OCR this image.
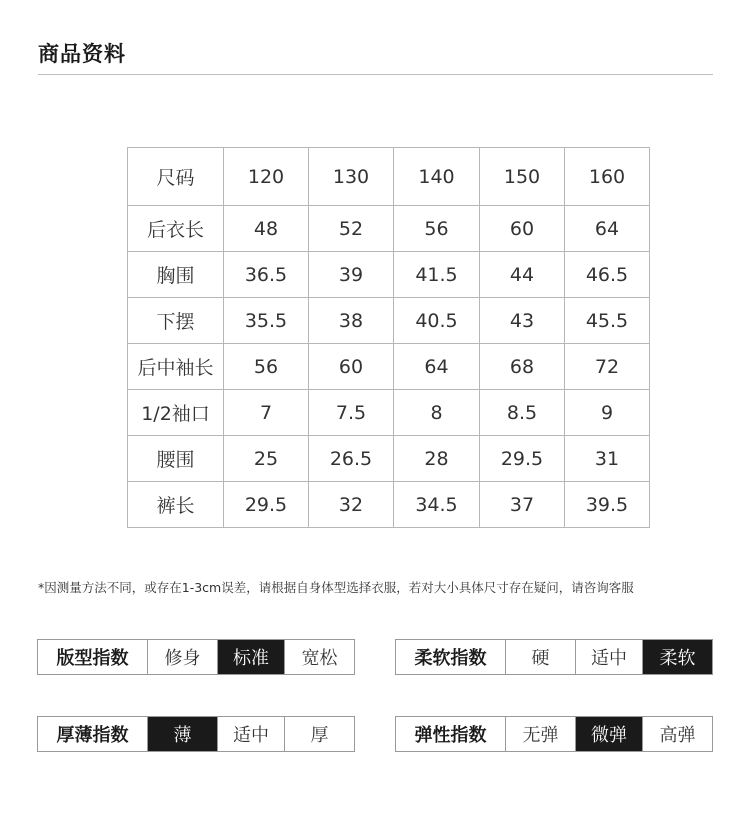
商品资料
尺码	120	130	140	150	160
后衣长	48	52	56	60	64
胸围	36.5	39	41.5	44	46.5
下摆	35.5	38	40.5	43	45.5
后中袖长	56	60	64	68	72
1/2袖口	7	7.5	8	8.5	9
腰围	25	26.5	28	29.5	31
裤长	29.5	32	34.5	37	39.5
*因测量方法不同，或存在1-3cm误差，请根据自身体型选择衣服，若对大小具体尺寸存在疑问，请咨询客服
版型指数	修身	标准	宽松	柔软指数	硬	适中	柔软
厚薄指数	薄	适中	厚	弹性指数	无弹	微弹	高弹
